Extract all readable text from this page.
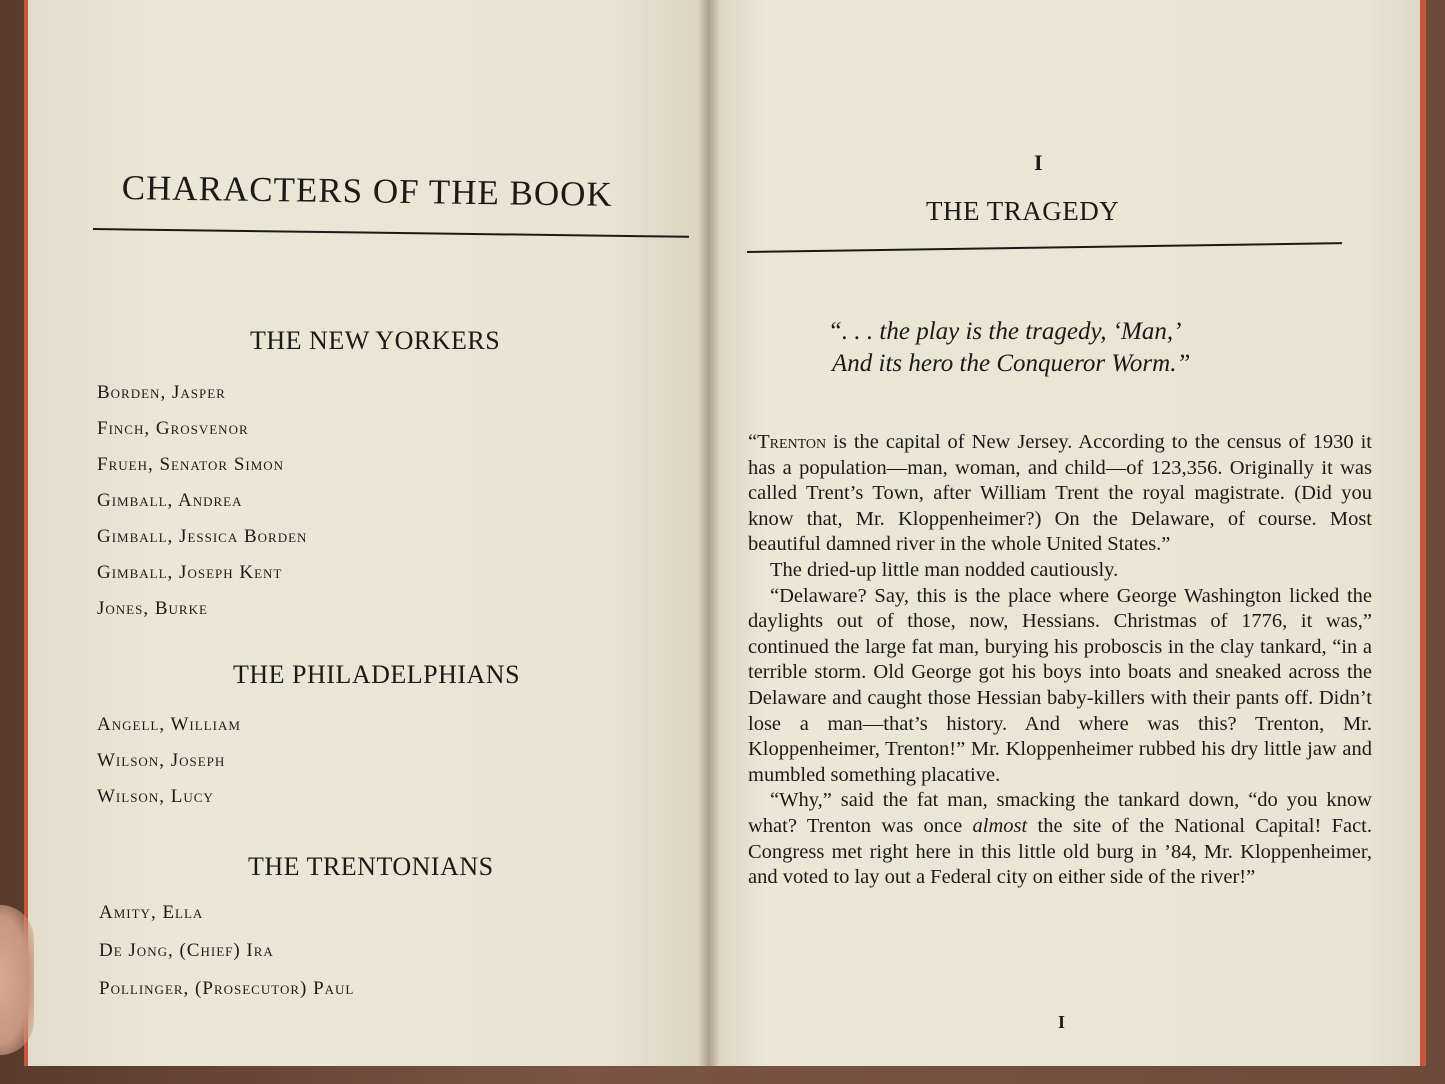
CHARACTERS OF THE BOOK
THE NEW YORKERS
Borden, Jasper
Finch, Grosvenor
Frueh, Senator Simon
Gimball, Andrea
Gimball, Jessica Borden
Gimball, Joseph Kent
Jones, Burke
THE PHILADELPHIANS
Angell, William
Wilson, Joseph
Wilson, Lucy
THE TRENTONIANS
Amity, Ella
De Jong, (Chief) Ira
Pollinger, (Prosecutor) Paul
I
THE TRAGEDY
“. . . the play is the tragedy, ‘Man,’
And its hero the Conqueror Worm.”

“Trenton is the capital of New Jersey. According to the census of 1930 it has a population—man, woman, and child—of 123,356. Originally it was called Trent’s Town, after William Trent the royal magistrate. (Did you know that, Mr. Kloppenheimer?) On the Delaware, of course. Most beautiful damned river in the whole United States.”

The dried-up little man nodded cautiously.

“Delaware? Say, this is the place where George Washington licked the daylights out of those, now, Hessians. Christmas of 1776, it was,” continued the large fat man, burying his proboscis in the clay tankard, “in a terrible storm. Old George got his boys into boats and sneaked across the Delaware and caught those Hessian baby-killers with their pants off. Didn’t lose a man—that’s history. And where was this? Trenton, Mr. Kloppenheimer, Trenton!” Mr. Kloppenheimer rubbed his dry little jaw and mumbled something placative.

“Why,” said the fat man, smacking the tankard down, “do you know what? Trenton was once almost the site of the National Capital! Fact. Congress met right here in this little old burg in ’84, Mr. Kloppenheimer, and voted to lay out a Federal city on either side of the river!”

I
